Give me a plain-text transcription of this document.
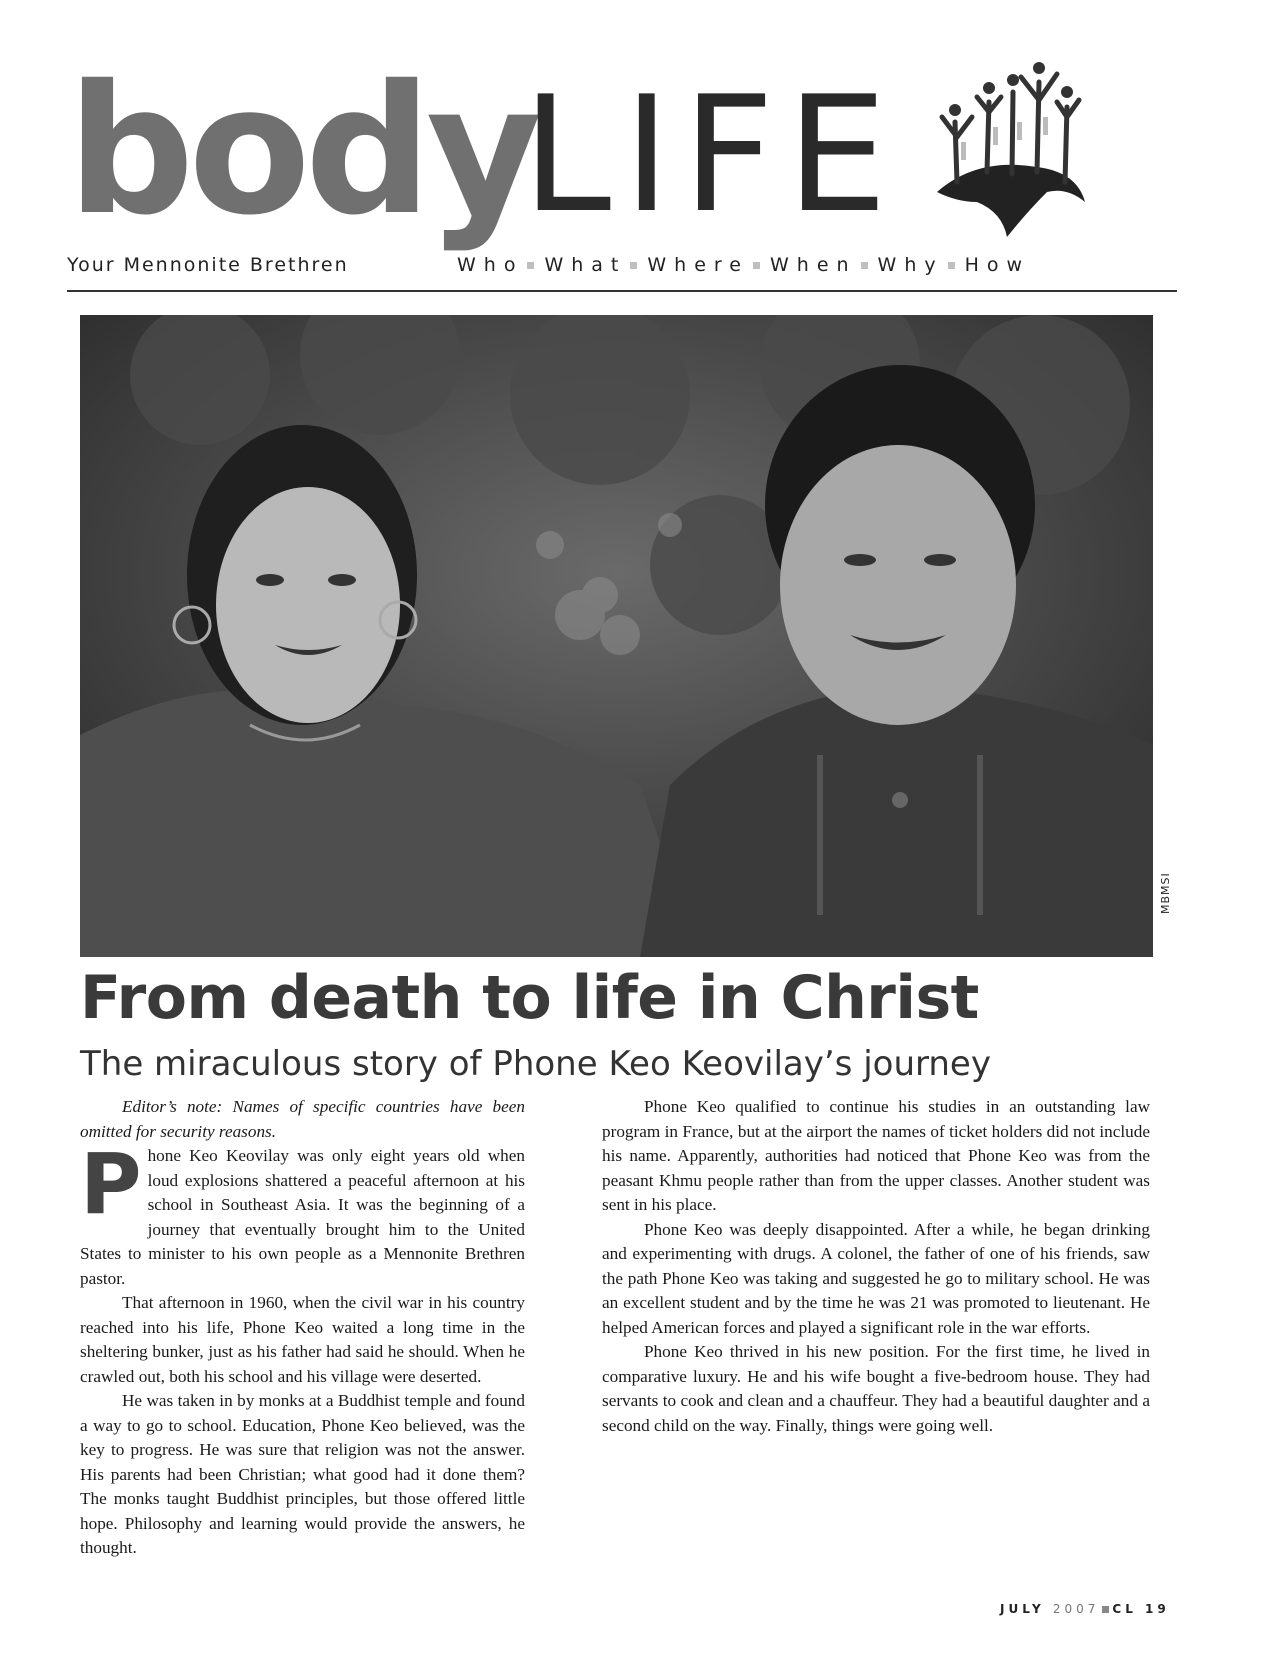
body
LIFE
Your Mennonite Brethren	Who What Where When Why How
MBMSI
From death to life in Christ
The miraculous story of Phone Keo Keovilay’s journey

Editor’s note: Names of specific countries have been omitted for security reasons.

Phone Keo Keovilay was only eight years old when loud explosions shattered a peaceful afternoon at his school in Southeast Asia. It was the beginning of a journey that eventually brought him to the United States to minister to his own people as a Mennonite Brethren pastor.

That afternoon in 1960, when the civil war in his country reached into his life, Phone Keo waited a long time in the sheltering bunker, just as his father had said he should. When he crawled out, both his school and his village were deserted.

He was taken in by monks at a Buddhist temple and found a way to go to school. Education, Phone Keo believed, was the key to progress. He was sure that religion was not the answer. His parents had been Christian; what good had it done them? The monks taught Buddhist principles, but those offered little hope. Philosophy and learning would provide the answers, he thought.

Phone Keo qualified to continue his studies in an outstanding law program in France, but at the airport the names of ticket holders did not include his name. Apparently, authorities had noticed that Phone Keo was from the peasant Khmu people rather than from the upper classes. Another student was sent in his place.

Phone Keo was deeply disappointed. After a while, he began drinking and experimenting with drugs. A colonel, the father of one of his friends, saw the path Phone Keo was taking and suggested he go to military school. He was an excellent student and by the time he was 21 was promoted to lieutenant. He helped American forces and played a significant role in the war efforts.

Phone Keo thrived in his new position. For the first time, he lived in comparative luxury. He and his wife bought a five-bedroom house. They had servants to cook and clean and a chauffeur. They had a beautiful daughter and a second child on the way. Finally, things were going well.

JULY 2007 CL 19
